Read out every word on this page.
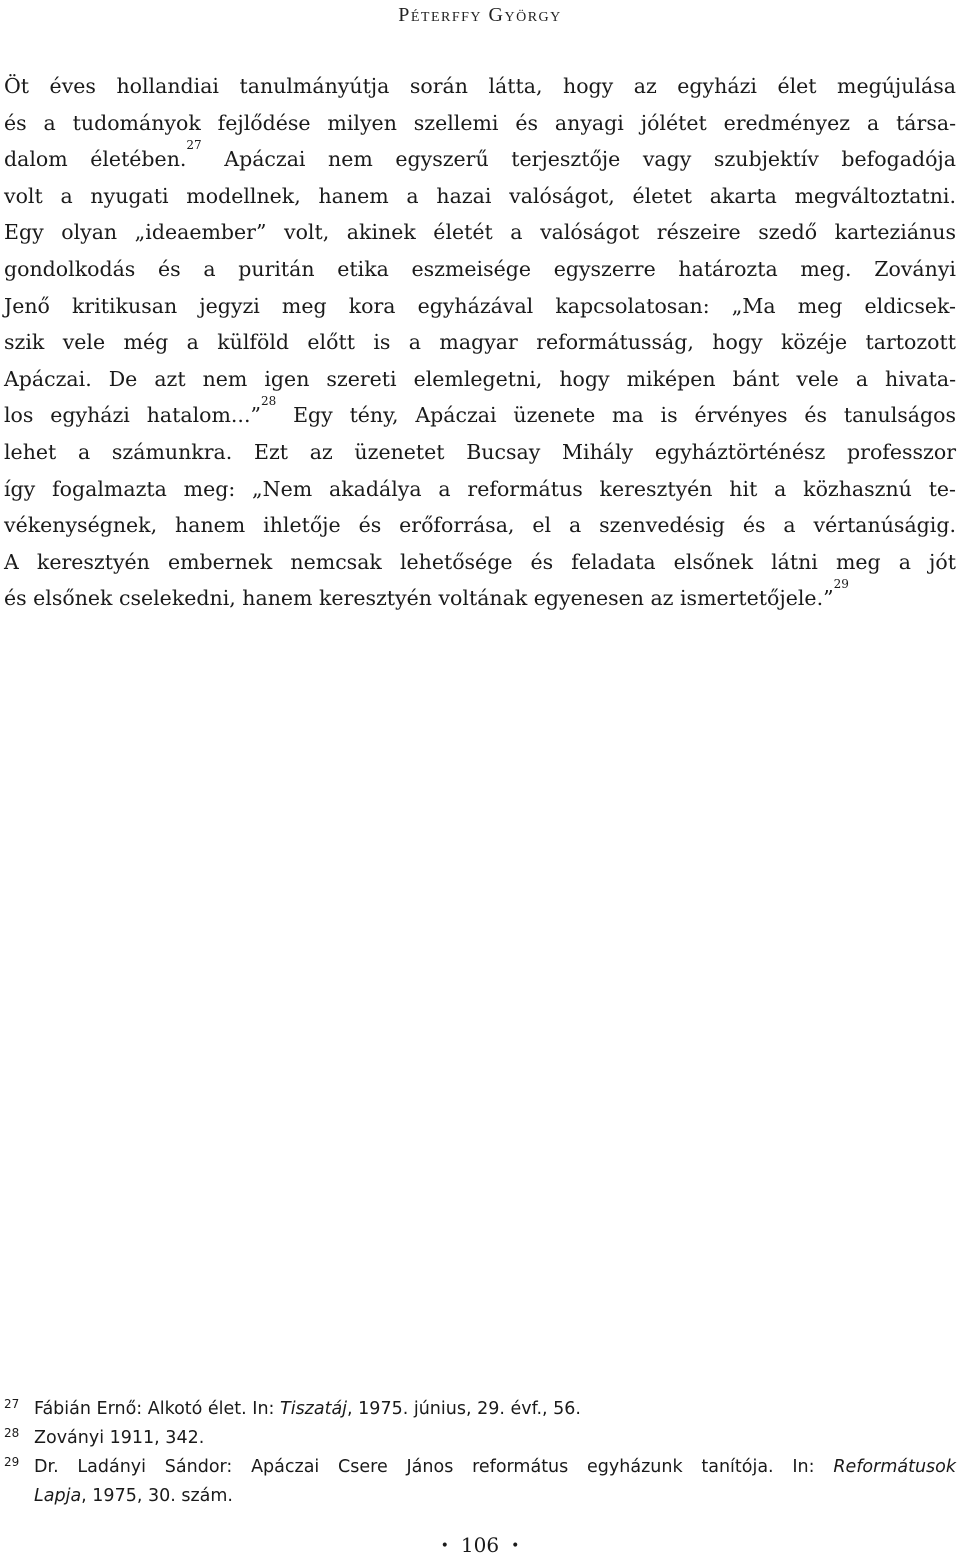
Péterffy György
Öt éves hollandiai tanulmányútja során látta, hogy az egyházi élet megújulása
és a tudományok fejlődése milyen szellemi és anyagi jólétet eredményez a társa-
dalom életében.$^{27}$ Apáczai nem egyszerű terjesztője vagy szubjektív befogadója
volt a nyugati modellnek, hanem a hazai valóságot, életet akarta megváltoztatni.
Egy olyan „ideaember” volt, akinek életét a valóságot részeire szedő karteziánus
gondolkodás és a puritán etika eszmeisége egyszerre határozta meg. Zoványi
Jenő kritikusan jegyzi meg kora egyházával kapcsolatosan: „Ma meg eldicsek-
szik vele még a külföld előtt is a magyar reformátusság, hogy közéje tartozott
Apáczai. De azt nem igen szereti elemlegetni, hogy miképen bánt vele a hivata-
los egyházi hatalom...”$^{28}$ Egy tény, Apáczai üzenete ma is érvényes és tanulságos
lehet a számunkra. Ezt az üzenetet Bucsay Mihály egyháztörténész professzor
így fogalmazta meg: „Nem akadálya a református keresztyén hit a közhasznú te-
vékenységnek, hanem ihletője és erőforrása, el a szenvedésig és a vértanúságig.
A keresztyén embernek nemcsak lehetősége és feladata elsőnek látni meg a jót
és elsőnek cselekedni, hanem keresztyén voltának egyenesen az ismertetőjele.”$^{29}$
27 Fábián Ernő: Alkotó élet. In: Tiszatáj, 1975. június, 29. évf., 56.
28 Zoványi 1911, 342.
29 Dr. Ladányi Sándor: Apáczai Csere János református egyházunk tanítója. In: Reformátusok
Lapja, 1975, 30. szám.
• 106 •
